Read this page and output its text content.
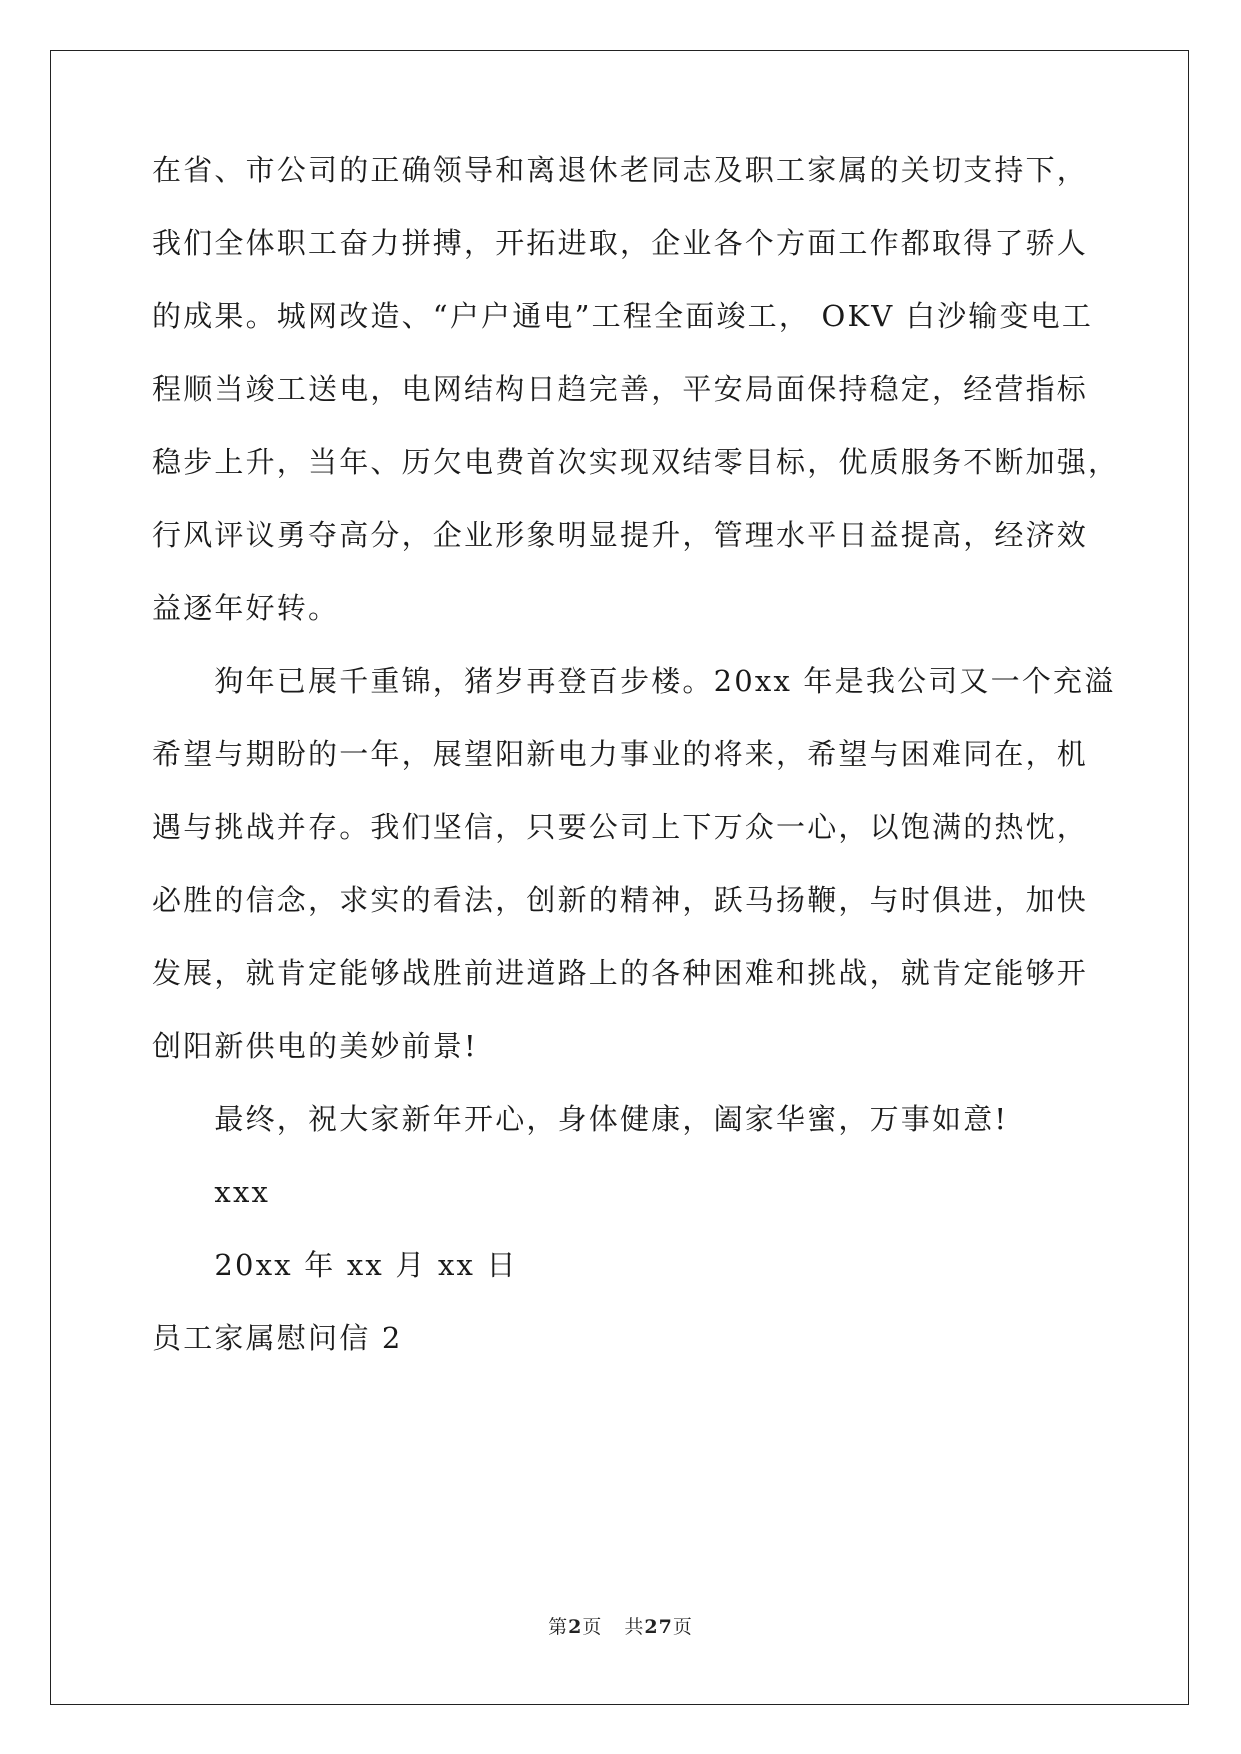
在省、市公司的正确领导和离退休老同志及职工家属的关切支持下，
我们全体职工奋力拼搏，开拓进取，企业各个方面工作都取得了骄人
的成果。城网改造、“户户通电”工程全面竣工， OKV 白沙输变电工
程顺当竣工送电，电网结构日趋完善，平安局面保持稳定，经营指标
稳步上升，当年、历欠电费首次实现双结零目标，优质服务不断加强，
行风评议勇夺高分，企业形象明显提升，管理水平日益提高，经济效
益逐年好转。
　　狗年已展千重锦，猪岁再登百步楼。20xx 年是我公司又一个充溢
希望与期盼的一年，展望阳新电力事业的将来，希望与困难同在，机
遇与挑战并存。我们坚信，只要公司上下万众一心，以饱满的热忱，
必胜的信念，求实的看法，创新的精神，跃马扬鞭，与时俱进，加快
发展，就肯定能够战胜前进道路上的各种困难和挑战，就肯定能够开
创阳新供电的美妙前景!
　　最终，祝大家新年开心，身体健康，阖家华蜜，万事如意!
　　xxx
　　20xx 年 xx 月 xx 日
员工家属慰问信 2
第2页 共27页
